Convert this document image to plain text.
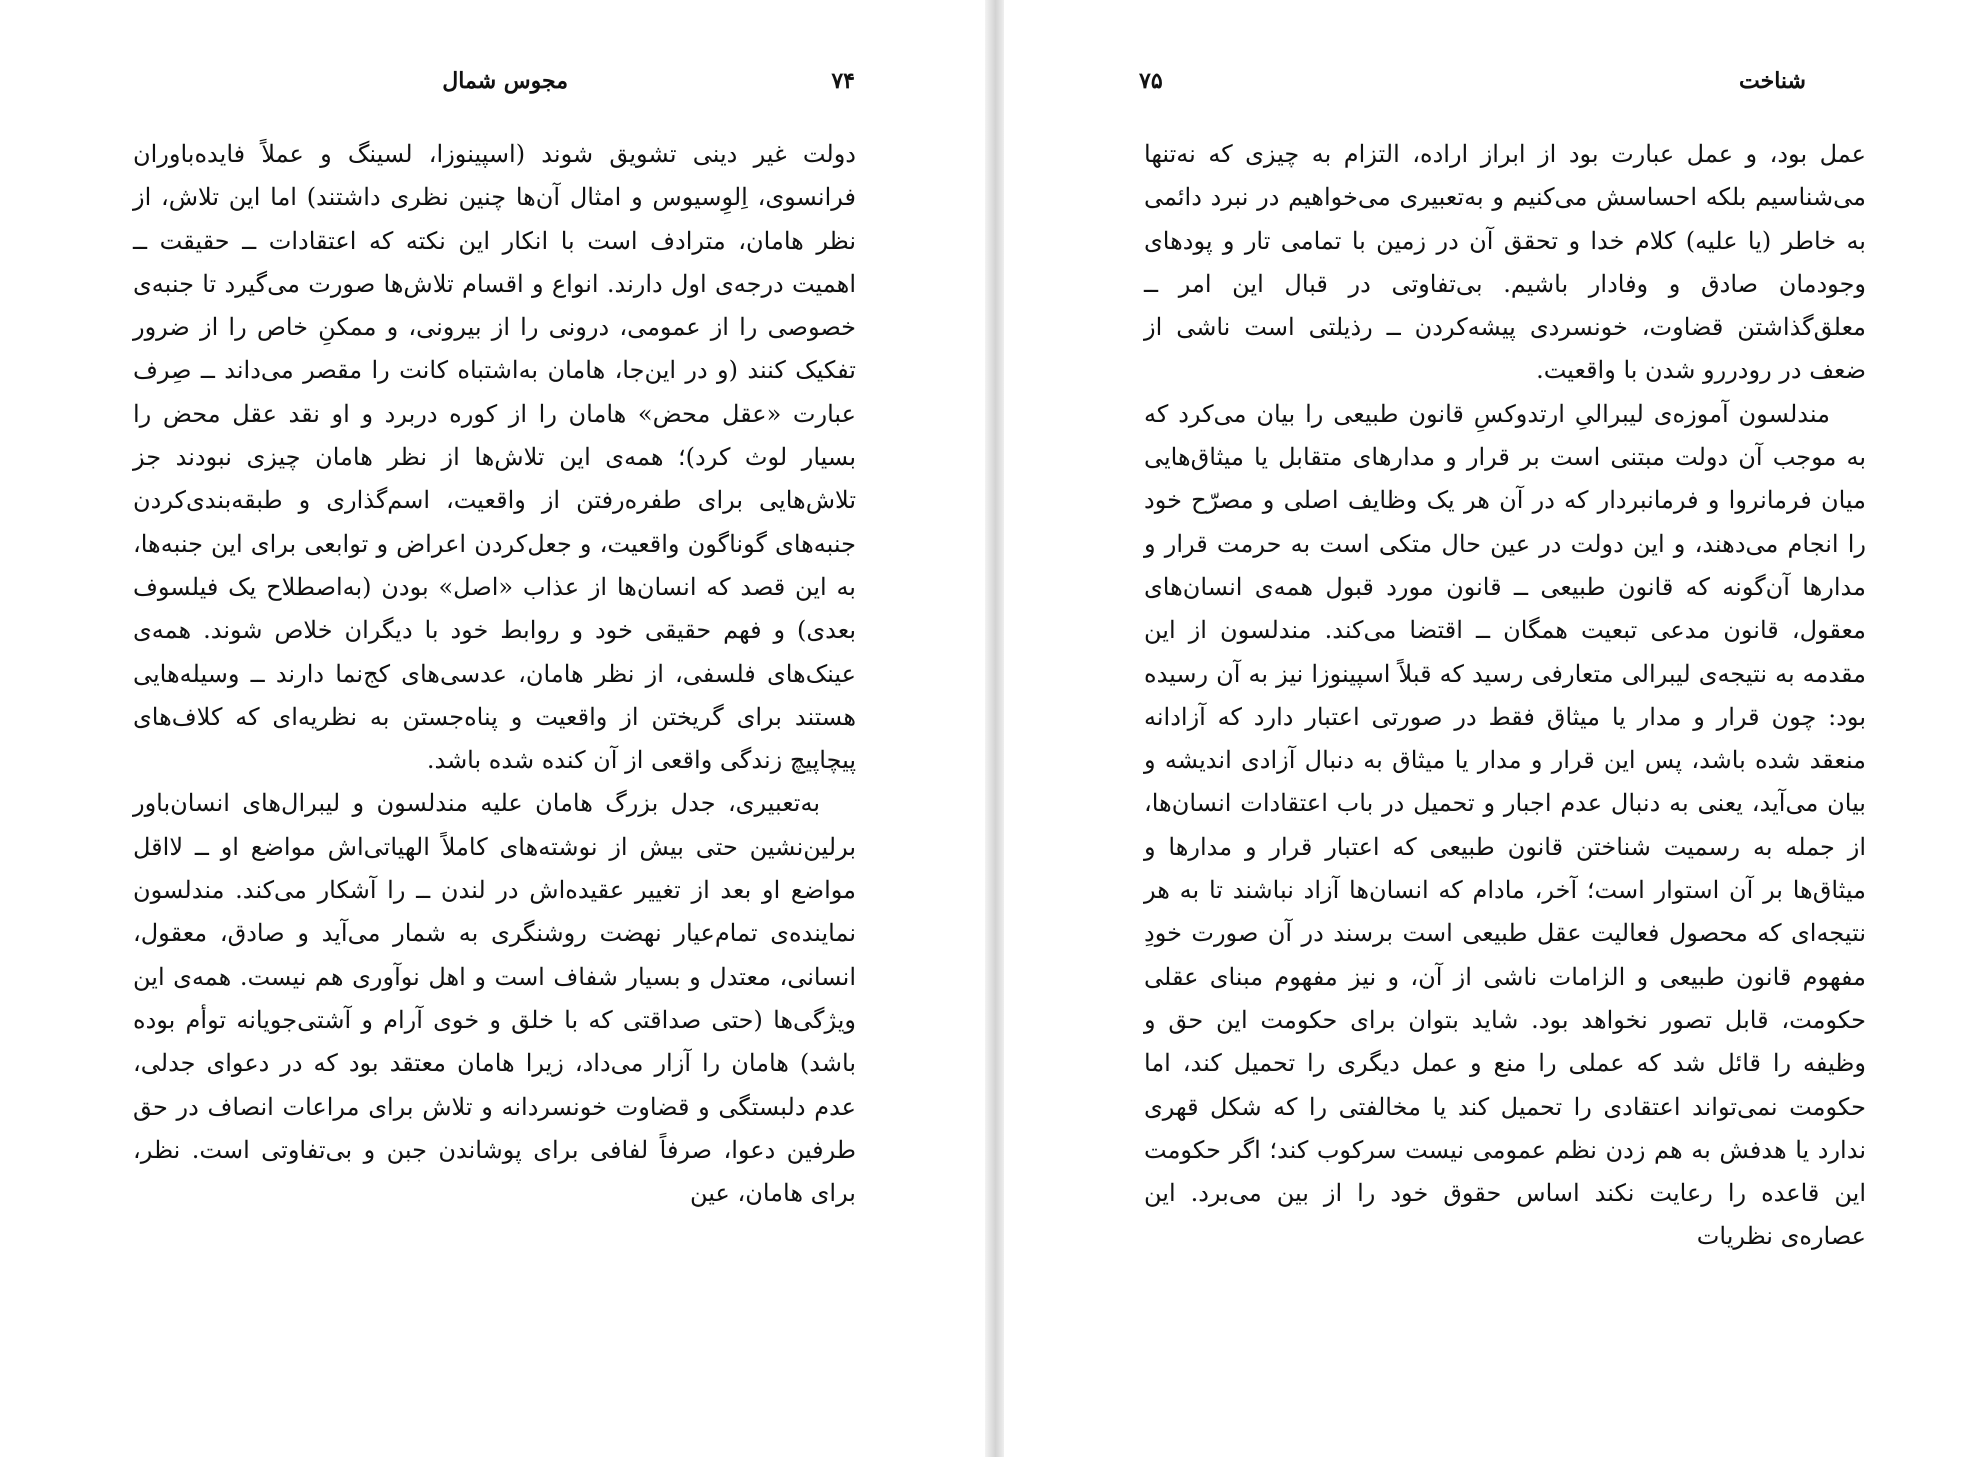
۷۴
مجوس شمال

دولت غیر دینی تشویق شوند (اسپینوزا، لسینگ و عملاً فایده‌باوران فرانسوی، اِلوِسیوس و امثال آن‌ها چنین نظری داشتند) اما این تلاش، از نظر هامان، مترادف است با انکار این نکته که اعتقادات ــ حقیقت ــ اهمیت درجه‌ی اول دارند. انواع و اقسام تلاش‌ها صورت می‌گیرد تا جنبه‌ی خصوصی را از عمومی، درونی را از بیرونی، و ممکنِ خاص را از ضرور تفکیک کنند (و در این‌جا، هامان به‌اشتباه کانت را مقصر می‌داند ــ صِرف عبارت «عقل محض» هامان را از کوره دربرد و او نقد عقل محض را بسیار لوث کرد)؛ همه‌ی این تلاش‌ها از نظر هامان چیزی نبودند جز تلاش‌هایی برای طفره‌رفتن از واقعیت، اسم‌گذاری و طبقه‌بندی‌کردن جنبه‌های گوناگون واقعیت، و جعل‌کردن اعراض و توابعی برای این جنبه‌ها، به این قصد که انسان‌ها از عذاب «اصل» بودن (به‌اصطلاح یک فیلسوف بعدی) و فهم حقیقی خود و روابط خود با دیگران خلاص شوند. همه‌ی عینک‌های فلسفی، از نظر هامان، عدسی‌های کج‌نما دارند ــ وسیله‌هایی هستند برای گریختن از واقعیت و پناه‌جستن به نظریه‌ای که کلاف‌های پیچاپیچ زندگی واقعی از آن کنده شده باشد.

به‌تعبیری، جدل بزرگ هامان علیه مندلسون و لیبرال‌های انسان‌باور برلین‌نشین حتی بیش از نوشته‌های کاملاً الهیاتی‌اش مواضع او ــ لااقل مواضع او بعد از تغییر عقیده‌اش در لندن ــ را آشکار می‌کند. مندلسون نماینده‌ی تمام‌عیار نهضت روشنگری به شمار می‌آید و صادق، معقول، انسانی، معتدل و بسیار شفاف است و اهل نوآوری هم نیست. همه‌ی این ویژگی‌ها (حتی صداقتی که با خلق و خوی آرام و آشتی‌جویانه توأم بوده باشد) هامان را آزار می‌داد، زیرا هامان معتقد بود که در دعوای جدلی، عدم دلبستگی و قضاوت خونسردانه و تلاش برای مراعات انصاف در حق طرفین دعوا، صرفاً لفافی برای پوشاندن جبن و بی‌تفاوتی است. نظر، برای هامان، عین

شناخت
۷۵

عمل بود، و عمل عبارت بود از ابراز اراده، التزام به چیزی که نه‌تنها می‌شناسیم بلکه احساسش می‌کنیم و به‌تعبیری می‌خواهیم در نبرد دائمی به خاطر (یا علیه) کلام خدا و تحقق آن در زمین با تمامی تار و پودهای وجودمان صادق و وفادار باشیم. بی‌تفاوتی در قبال این امر ــ معلق‌گذاشتن قضاوت، خونسردی پیشه‌کردن ــ رذیلتی است ناشی از ضعف در رودررو شدن با واقعیت.

مندلسون آموزه‌ی لیبرالیِ ارتدوکسِ قانون طبیعی را بیان می‌کرد که به موجب آن دولت مبتنی است بر قرار و مدارهای متقابل یا میثاق‌هایی میان فرمانروا و فرمانبردار که در آن هر یک وظایف اصلی و مصرّح خود را انجام می‌دهند، و این دولت در عین حال متکی است به حرمت قرار و مدارها آن‌گونه که قانون طبیعی ــ قانون مورد قبول همه‌ی انسان‌های معقول، قانون مدعی تبعیت همگان ــ اقتضا می‌کند. مندلسون از این مقدمه به نتیجه‌ی لیبرالی متعارفی رسید که قبلاً اسپینوزا نیز به آن رسیده بود: چون قرار و مدار یا میثاق فقط در صورتی اعتبار دارد که آزادانه منعقد شده باشد، پس این قرار و مدار یا میثاق به دنبال آزادی اندیشه و بیان می‌آید، یعنی به دنبال عدم اجبار و تحمیل در باب اعتقادات انسان‌ها، از جمله به رسمیت شناختن قانون طبیعی که اعتبار قرار و مدارها و میثاق‌ها بر آن استوار است؛ آخر، مادام که انسان‌ها آزاد نباشند تا به هر نتیجه‌ای که محصول فعالیت عقل طبیعی است برسند در آن صورت خودِ مفهوم قانون طبیعی و الزامات ناشی از آن، و نیز مفهوم مبنای عقلی حکومت، قابل تصور نخواهد بود. شاید بتوان برای حکومت این حق و وظیفه را قائل شد که عملی را منع و عمل دیگری را تحمیل کند، اما حکومت نمی‌تواند اعتقادی را تحمیل کند یا مخالفتی را که شکل قهری ندارد یا هدفش به هم زدن نظم عمومی نیست سرکوب کند؛ اگر حکومت این قاعده را رعایت نکند اساس حقوق خود را از بین می‌برد. این عصاره‌ی نظریات
